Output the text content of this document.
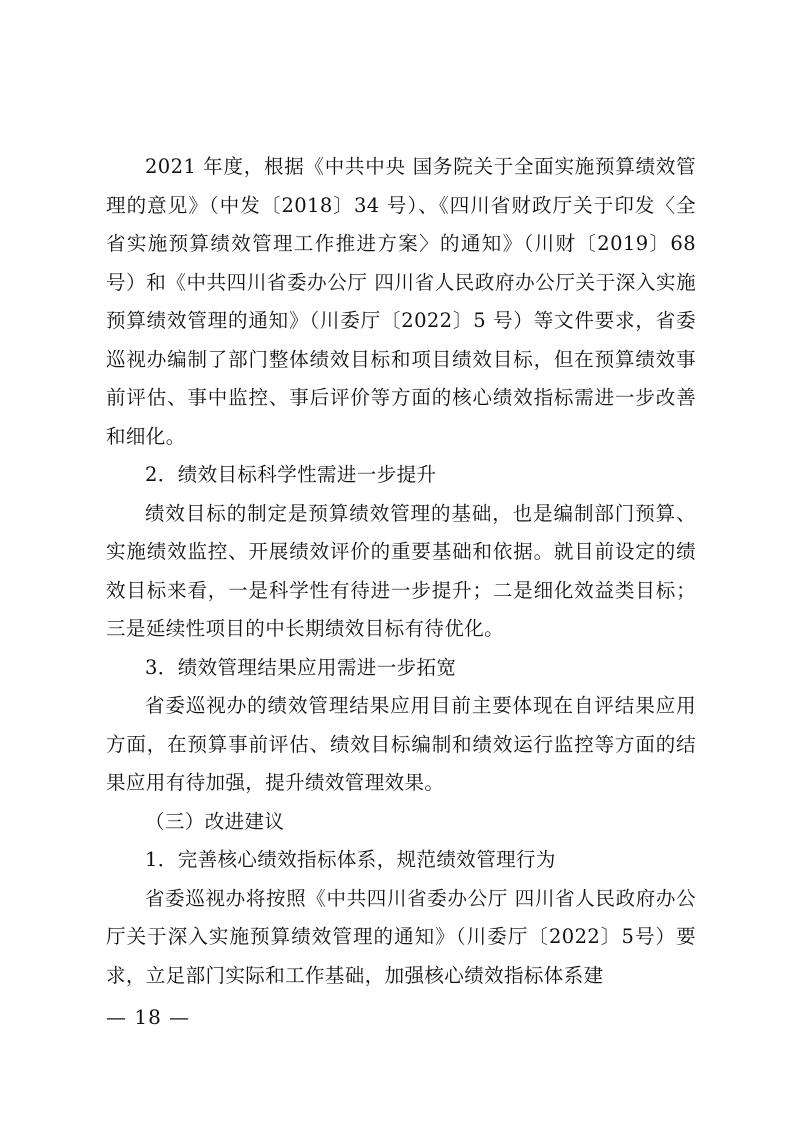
2021 年度，根据《中共中央 国务院关于全面实施预算绩效管理的意见》（中发〔2018〕34 号）、《四川省财政厅关于印发〈全省实施预算绩效管理工作推进方案〉的通知》（川财〔2019〕68 号）和《中共四川省委办公厅 四川省人民政府办公厅关于深入实施预算绩效管理的通知》（川委厅〔2022〕5 号）等文件要求，省委巡视办编制了部门整体绩效目标和项目绩效目标，但在预算绩效事前评估、事中监控、事后评价等方面的核心绩效指标需进一步改善和细化。

2．绩效目标科学性需进一步提升

绩效目标的制定是预算绩效管理的基础，也是编制部门预算、实施绩效监控、开展绩效评价的重要基础和依据。就目前设定的绩效目标来看，一是科学性有待进一步提升；二是细化效益类目标；三是延续性项目的中长期绩效目标有待优化。

3．绩效管理结果应用需进一步拓宽

省委巡视办的绩效管理结果应用目前主要体现在自评结果应用方面，在预算事前评估、绩效目标编制和绩效运行监控等方面的结果应用有待加强，提升绩效管理效果。

（三）改进建议

1．完善核心绩效指标体系，规范绩效管理行为

省委巡视办将按照《中共四川省委办公厅 四川省人民政府办公厅关于深入实施预算绩效管理的通知》（川委厅〔2022〕5号）要求，立足部门实际和工作基础，加强核心绩效指标体系建

— 18 —
